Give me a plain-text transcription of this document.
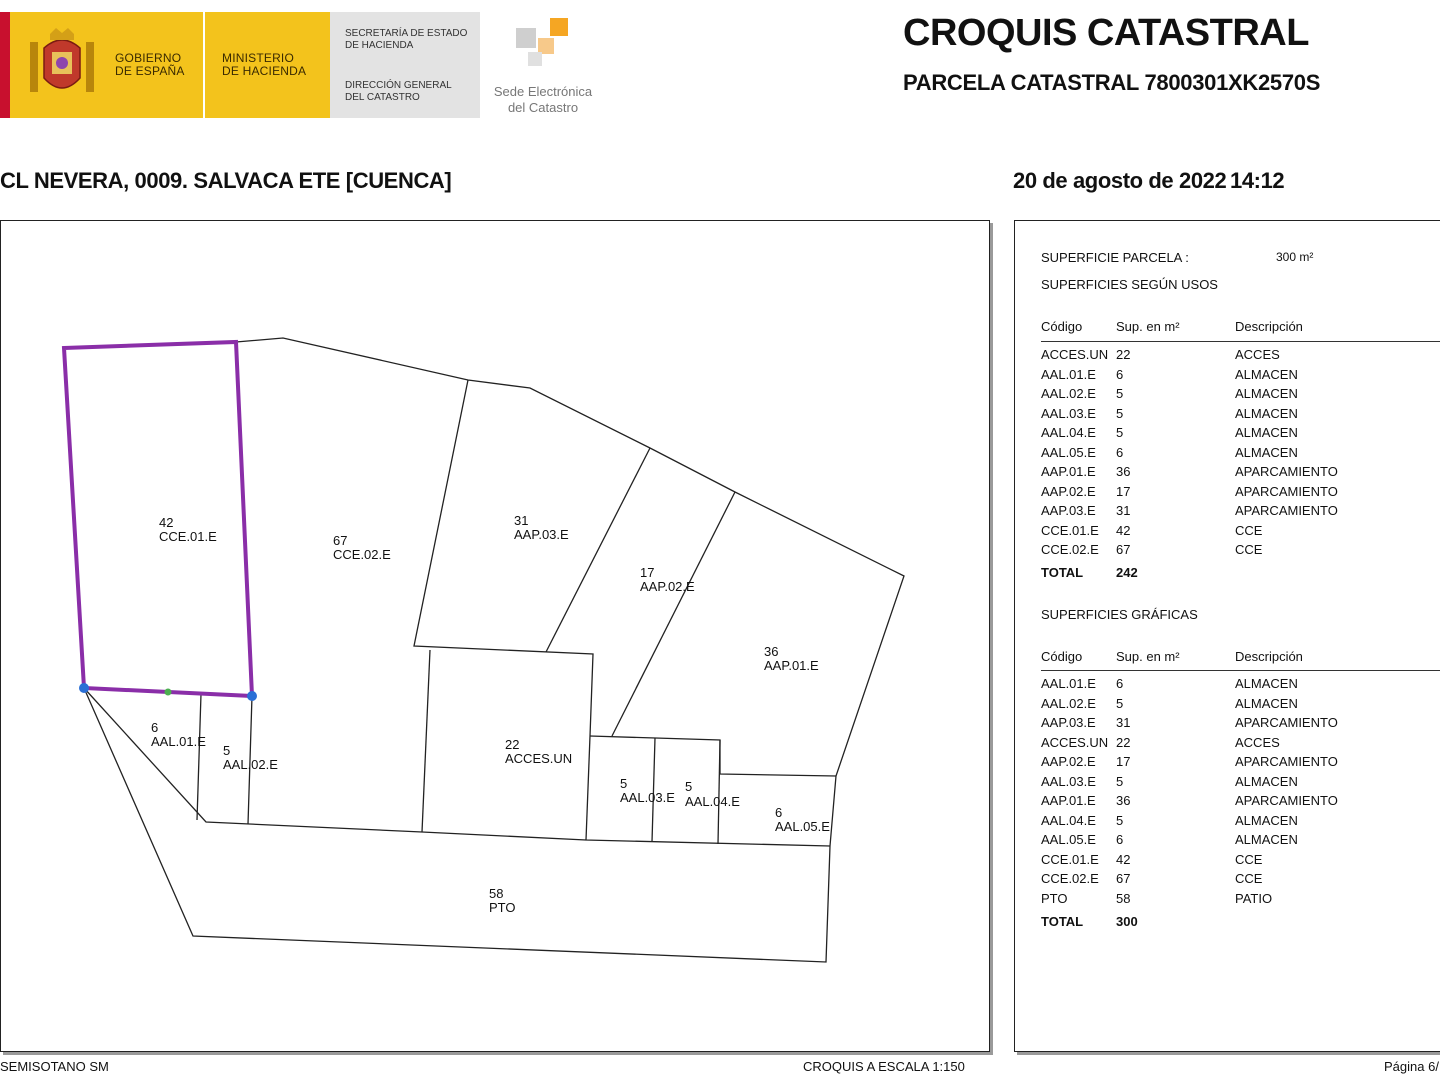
GOBIERNO
DE ESPAÑA
MINISTERIO
DE HACIENDA
SECRETARÍA DE ESTADO
DE HACIENDA
DIRECCIÓN GENERAL
DEL CATASTRO	Sede Electrónica
del Catastro
CROQUIS CATASTRAL
PARCELA CATASTRAL 7800301XK2570S
CL NEVERA, 0009. SALVACA ETE [CUENCA]	20 de agosto de 2022 14:12
42
CCE.01.E	67
CCE.02.E
31
AAP.03.E
17
AAP.02.E
36
AAP.01.E
22
ACCES.UN
6
AAL.01.E
5
AAL.02.E
5
AAL.03.E
5
AAL.04.E
6
AAL.05.E
58
PTO
SUPERFICIE PARCELA :	300 m²
SUPERFICIES SEGÚN USOS
Código	Sup. en m²	Descripción
ACCES.UN 22	ACCES
AAL.01.E 6	ALMACEN
AAL.02.E 5	ALMACEN
AAL.03.E 5	ALMACEN
AAL.04.E 5	ALMACEN
AAL.05.E 6	ALMACEN
AAP.01.E 36	APARCAMIENTO
AAP.02.E 17	APARCAMIENTO
AAP.03.E 31	APARCAMIENTO
CCE.01.E 42	CCE
CCE.02.E 67	CCE
TOTAL	242
SUPERFICIES GRÁFICAS
Código	Sup. en m²	Descripción
AAL.01.E 6	ALMACEN
AAL.02.E 5	ALMACEN
AAP.03.E 31	APARCAMIENTO
ACCES.UN 22	ACCES
AAP.02.E 17	APARCAMIENTO
AAL.03.E 5	ALMACEN
AAP.01.E 36	APARCAMIENTO
AAL.04.E 5	ALMACEN
AAL.05.E 6	ALMACEN
CCE.01.E 42	CCE
CCE.02.E 67	CCE
PTO	58	PATIO
TOTAL	300
SEMISOTANO SM	CROQUIS A ESCALA 1:150	Página 6/
